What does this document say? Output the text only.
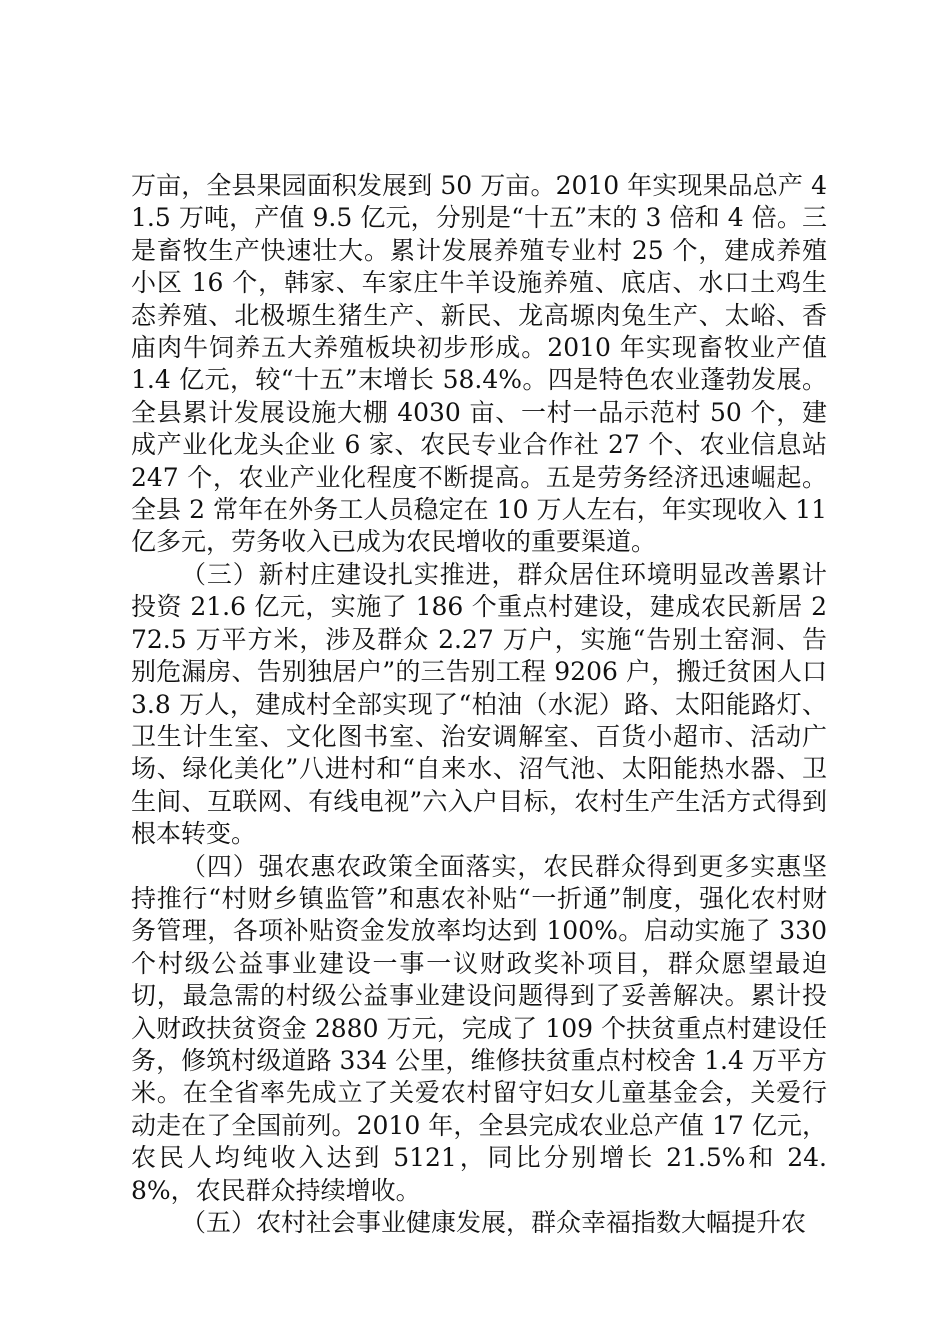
万亩，全县果园面积发展到 50 万亩。2010 年实现果品总产 41.5 万吨，产值 9.5 亿元，分别是“十五”末的 3 倍和 4 倍。三是畜牧生产快速壮大。累计发展养殖专业村 25 个，建成养殖小区 16 个，韩家、车家庄牛羊设施养殖、底店、水口土鸡生态养殖、北极塬生猪生产、新民、龙高塬肉兔生产、太峪、香庙肉牛饲养五大养殖板块初步形成。2010 年实现畜牧业产值 1.4 亿元，较“十五”末增长 58.4%。四是特色农业蓬勃发展。全县累计发展设施大棚 4030 亩、一村一品示范村 50 个，建成产业化龙头企业 6 家、农民专业合作社 27 个、农业信息站 247 个，农业产业化程度不断提高。五是劳务经济迅速崛起。全县 2 常年在外务工人员稳定在 10 万人左右，年实现收入 11 亿多元，劳务收入已成为农民增收的重要渠道。

（三）新村庄建设扎实推进，群众居住环境明显改善累计投资 21.6 亿元，实施了 186 个重点村建设，建成农民新居 272.5 万平方米，涉及群众 2.27 万户，实施“告别土窑洞、告别危漏房、告别独居户”的三告别工程 9206 户，搬迁贫困人口 3.8 万人，建成村全部实现了“柏油（水泥）路、太阳能路灯、卫生计生室、文化图书室、治安调解室、百货小超市、活动广场、绿化美化”八进村和“自来水、沼气池、太阳能热水器、卫生间、互联网、有线电视”六入户目标，农村生产生活方式得到根本转变。

（四）强农惠农政策全面落实，农民群众得到更多实惠坚持推行“村财乡镇监管”和惠农补贴“一折通”制度，强化农村财务管理，各项补贴资金发放率均达到 100%。启动实施了 330 个村级公益事业建设一事一议财政奖补项目，群众愿望最迫切，最急需的村级公益事业建设问题得到了妥善解决。累计投入财政扶贫资金 2880 万元，完成了 109 个扶贫重点村建设任务，修筑村级道路 334 公里，维修扶贫重点村校舍 1.4 万平方米。在全省率先成立了关爱农村留守妇女儿童基金会，关爱行动走在了全国前列。2010 年，全县完成农业总产值 17 亿元，农民人均纯收入达到 5121，同比分别增长 21.5%和 24.8%，农民群众持续增收。

（五）农村社会事业健康发展，群众幸福指数大幅提升农
